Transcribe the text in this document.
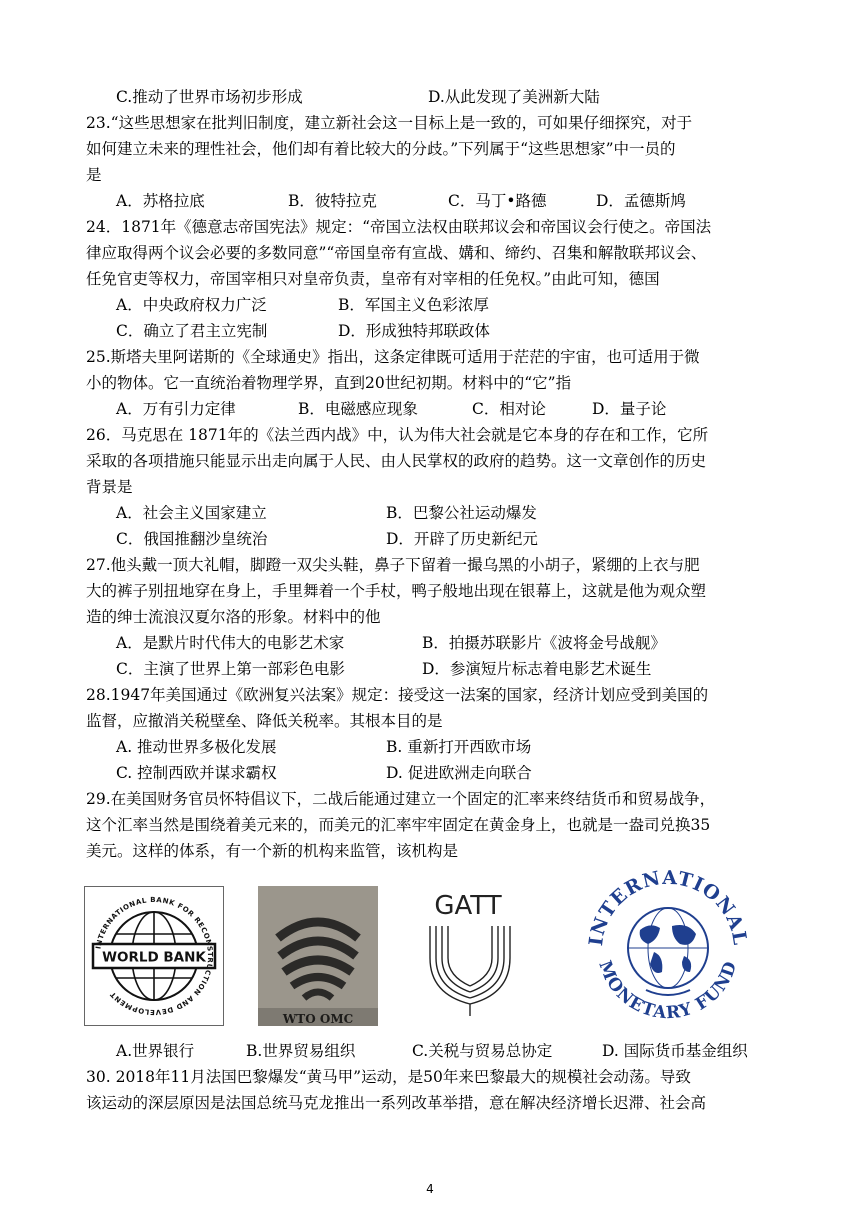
C.推动了世界市场初步形成	D.从此发现了美洲新大陆
23.“这些思想家在批判旧制度，建立新社会这一目标上是一致的，可如果仔细探究，对于
如何建立未来的理性社会，他们却有着比较大的分歧。”下列属于“这些思想家”中一员的
是
A．苏格拉底	B．彼特拉克	C．马丁•路德	D．孟德斯鸠
24．1871年《德意志帝国宪法》规定：“帝国立法权由联邦议会和帝国议会行使之。帝国法
律应取得两个议会必要的多数同意”“帝国皇帝有宣战、媾和、缔约、召集和解散联邦议会、
任免官吏等权力，帝国宰相只对皇帝负责，皇帝有对宰相的任免权。”由此可知，德国
A．中央政府权力广泛	B．军国主义色彩浓厚
C．确立了君主立宪制	D．形成独特邦联政体
25.斯塔夫里阿诺斯的《全球通史》指出，这条定律既可适用于茫茫的宇宙，也可适用于微
小的物体。它一直统治着物理学界，直到20世纪初期。材料中的“它”指
A．万有引力定律	B．电磁感应现象	C．相对论	D．量子论
26．马克思在 1871年的《法兰西内战》中，认为伟大社会就是它本身的存在和工作，它所
采取的各项措施只能显示出走向属于人民、由人民掌权的政府的趋势。这一文章创作的历史
背景是
A．社会主义国家建立	B．巴黎公社运动爆发
C．俄国推翻沙皇统治	D．开辟了历史新纪元
27.他头戴一顶大礼帽，脚蹬一双尖头鞋，鼻子下留着一撮乌黑的小胡子，紧绷的上衣与肥
大的裤子别扭地穿在身上，手里舞着一个手杖，鸭子般地出现在银幕上，这就是他为观众塑
造的绅士流浪汉夏尔洛的形象。材料中的他
A．是默片时代伟大的电影艺术家	B．拍摄苏联影片《波将金号战舰》
C．主演了世界上第一部彩色电影	D．参演短片标志着电影艺术诞生
28.1947年美国通过《欧洲复兴法案》规定：接受这一法案的国家，经济计划应受到美国的
监督，应撤消关税壁垒、降低关税率。其根本目的是
A. 推动世界多极化发展	B. 重新打开西欧市场
C. 控制西欧并谋求霸权	D. 促进欧洲走向联合
29.在美国财务官员怀特倡议下，二战后能通过建立一个固定的汇率来终结货币和贸易战争，
这个汇率当然是围绕着美元来的，而美元的汇率牢牢固定在黄金身上，也就是一盎司兑换35
美元。这样的体系，有一个新的机构来监管，该机构是
WORLD BANK
INTERNATIONAL BANK FOR RECONSTRUCTION AND DEVELOPMENT
WTO OMC
GATT
NTERNATIONA
MONETARY FUND
A.世界银行	B.世界贸易组织	C.关税与贸易总协定	D. 国际货币基金组织
30. 2018年11月法国巴黎爆发“黄马甲”运动，是50年来巴黎最大的规模社会动荡。导致
该运动的深层原因是法国总统马克龙推出一系列改革举措，意在解决经济增长迟滞、社会高
4
